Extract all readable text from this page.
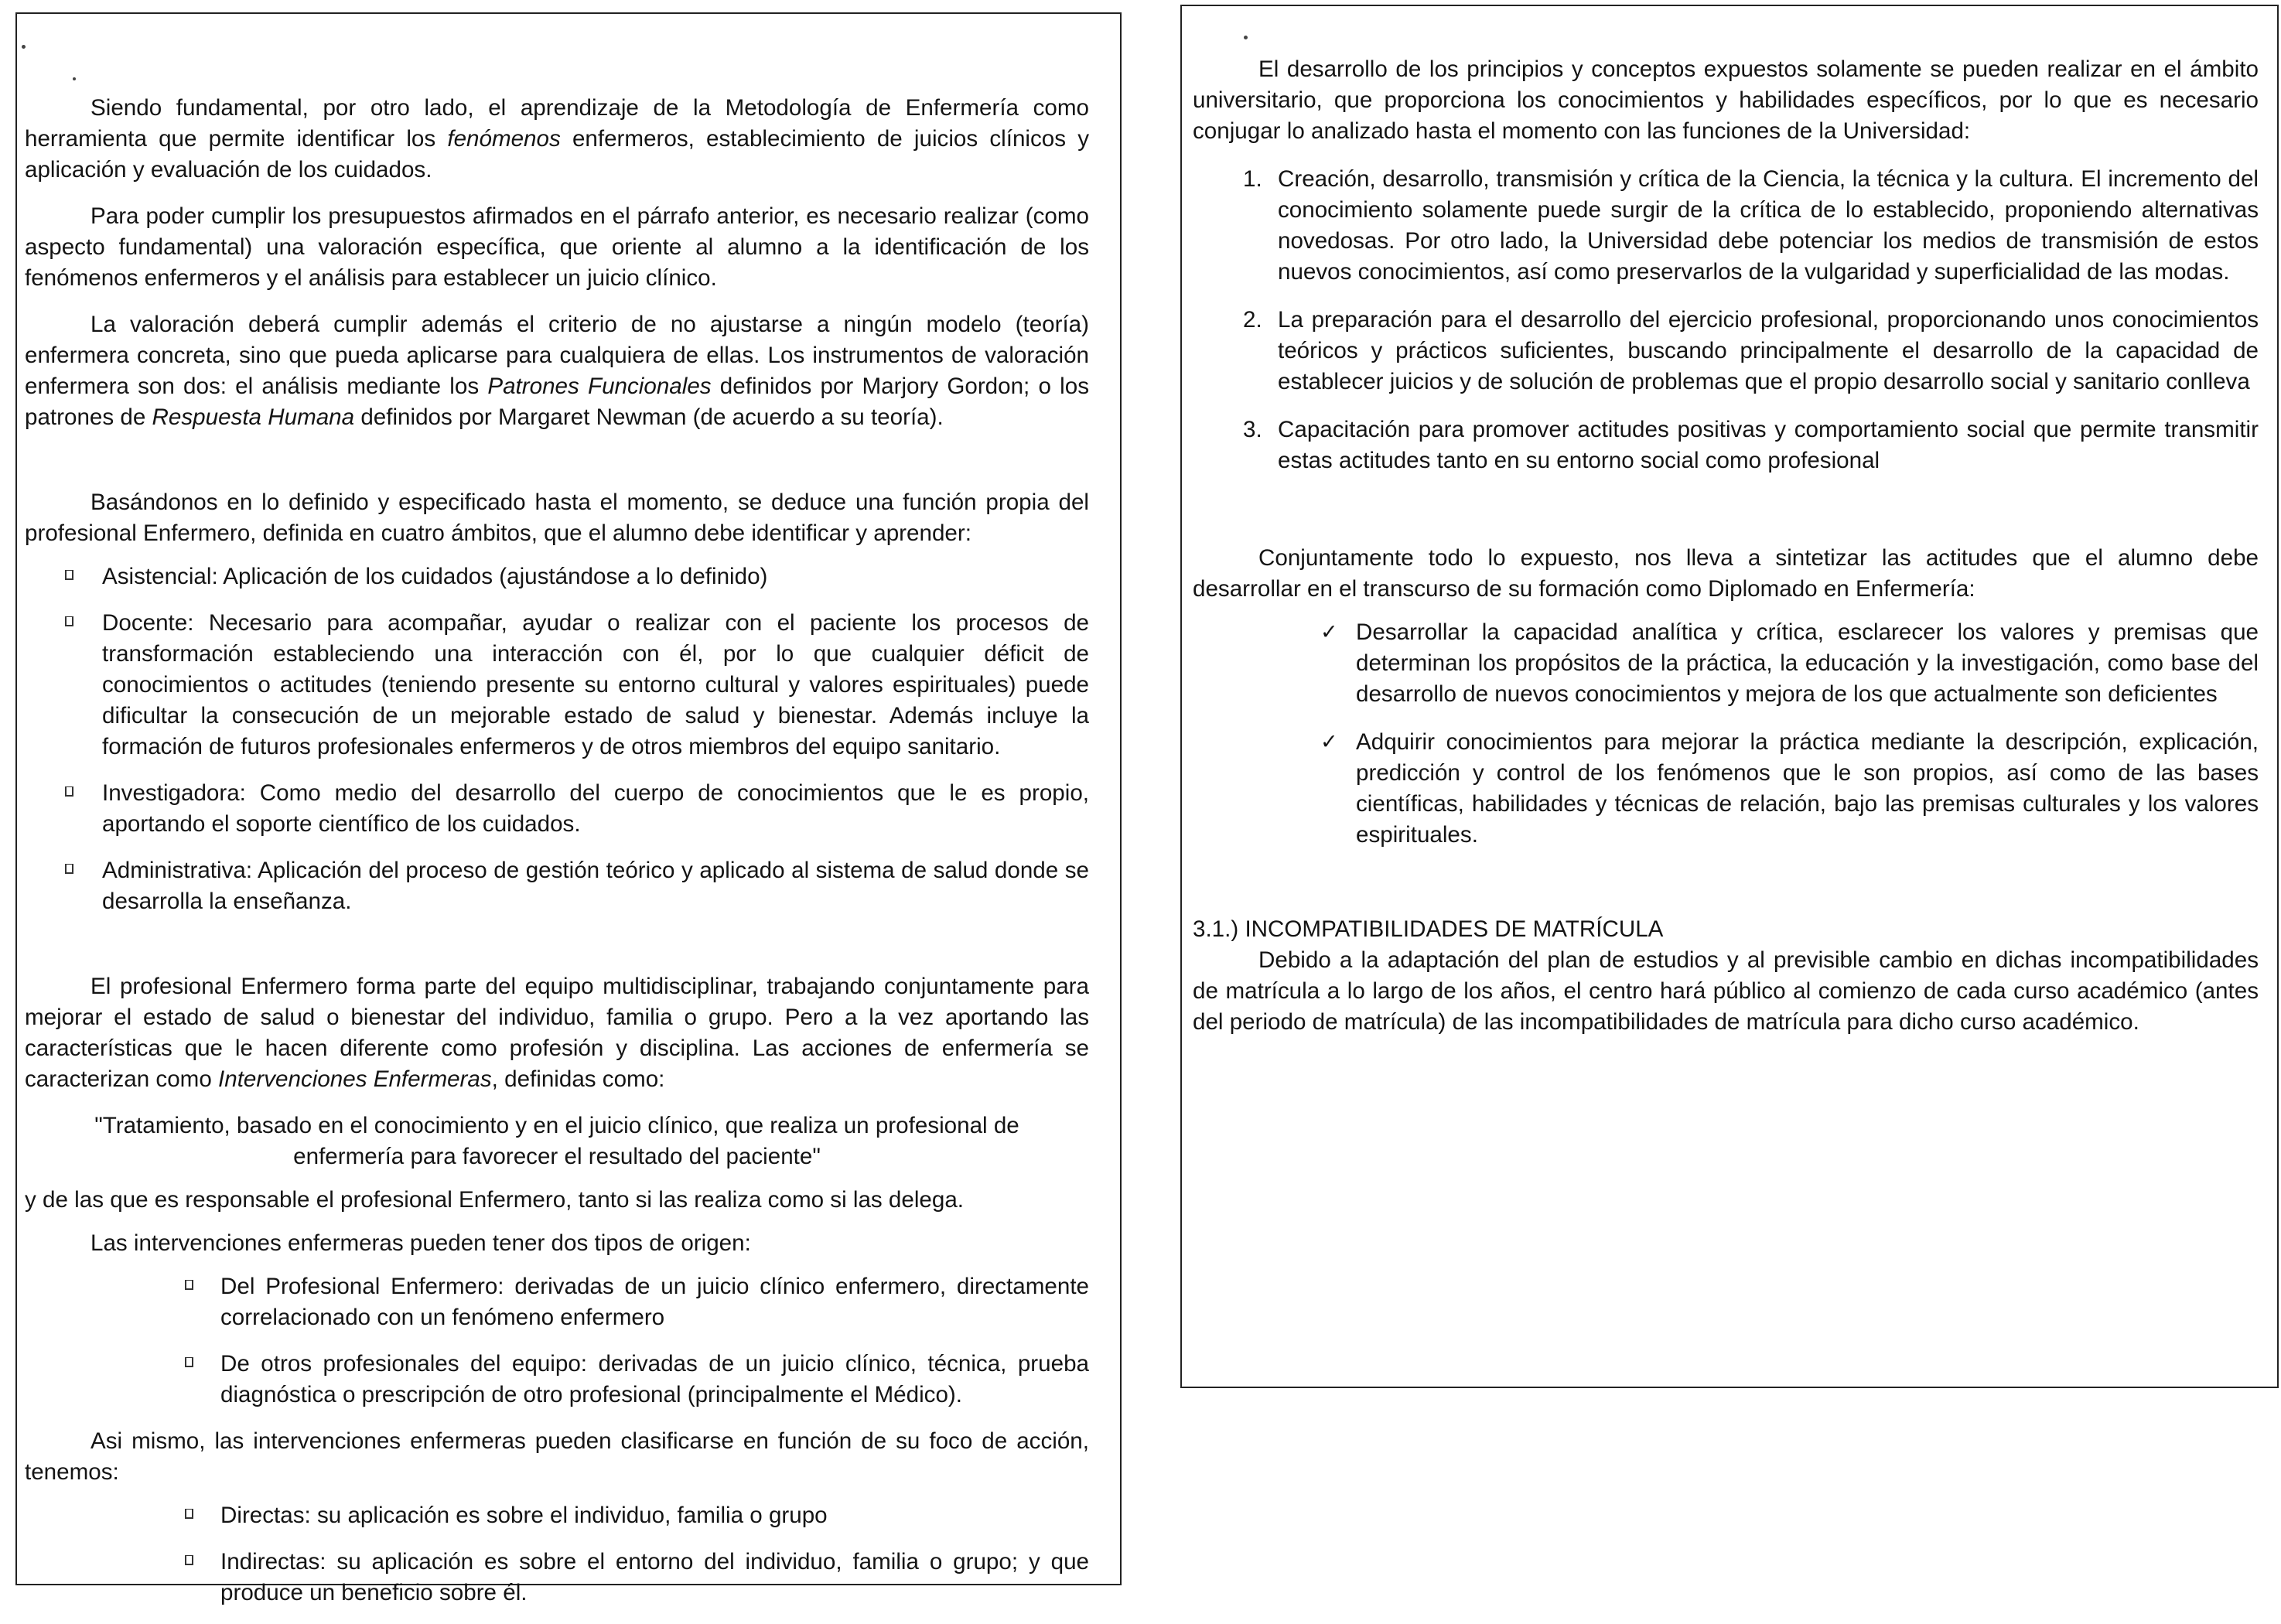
Siendo fundamental, por otro lado, el aprendizaje de la Metodología de Enfermería como herramienta que permite identificar los fenómenos enfermeros, establecimiento de juicios clínicos y aplicación y evaluación de los cuidados.

Para poder cumplir los presupuestos afirmados en el párrafo anterior, es necesario realizar (como aspecto fundamental) una valoración específica, que oriente al alumno a la identificación de los fenómenos enfermeros y el análisis para establecer un juicio clínico.

La valoración deberá cumplir además el criterio de no ajustarse a ningún modelo (teoría) enfermera concreta, sino que pueda aplicarse para cualquiera de ellas. Los instrumentos de valoración enfermera son dos: el análisis mediante los Patrones Funcionales definidos por Marjory Gordon; o los patrones de Respuesta Humana definidos por Margaret Newman (de acuerdo a su teoría).

Basándonos en lo definido y especificado hasta el momento, se deduce una función propia del profesional Enfermero, definida en cuatro ámbitos, que el alumno debe identificar y aprender:

Asistencial: Aplicación de los cuidados (ajustándose a lo definido)
Docente: Necesario para acompañar, ayudar o realizar con el paciente los procesos de transformación estableciendo una interacción con él, por lo que cualquier déficit de conocimientos o actitudes (teniendo presente su entorno cultural y valores espirituales) puede dificultar la consecución de un mejorable estado de salud y bienestar. Además incluye la formación de futuros profesionales enfermeros y de otros miembros del equipo sanitario.
Investigadora: Como medio del desarrollo del cuerpo de conocimientos que le es propio, aportando el soporte científico de los cuidados.
Administrativa: Aplicación del proceso de gestión teórico y aplicado al sistema de salud donde se desarrolla la enseñanza.

El profesional Enfermero forma parte del equipo multidisciplinar, trabajando conjuntamente para mejorar el estado de salud o bienestar del individuo, familia o grupo. Pero a la vez aportando las características que le hacen diferente como profesión y disciplina. Las acciones de enfermería se caracterizan como Intervenciones Enfermeras, definidas como:

"Tratamiento, basado en el conocimiento y en el juicio clínico, que realiza un profesional de enfermería para favorecer el resultado del paciente"

y de las que es responsable el profesional Enfermero, tanto si las realiza como si las delega.

Las intervenciones enfermeras pueden tener dos tipos de origen:

Del Profesional Enfermero: derivadas de un juicio clínico enfermero, directamente correlacionado con un fenómeno enfermero
De otros profesionales del equipo: derivadas de un juicio clínico, técnica, prueba diagnóstica o prescripción de otro profesional (principalmente el Médico).

Asi mismo, las intervenciones enfermeras pueden clasificarse en función de su foco de acción, tenemos:

Directas: su aplicación es sobre el individuo, familia o grupo
Indirectas: su aplicación es sobre el entorno del individuo, familia o grupo; y que produce un beneficio sobre él.

El desarrollo de los principios y conceptos expuestos solamente se pueden realizar en el ámbito universitario, que proporciona los conocimientos y habilidades específicos, por lo que es necesario conjugar lo analizado hasta el momento con las funciones de la Universidad:

1. Creación, desarrollo, transmisión y crítica de la Ciencia, la técnica y la cultura. El incremento del conocimiento solamente puede surgir de la crítica de lo establecido, proponiendo alternativas novedosas. Por otro lado, la Universidad debe potenciar los medios de transmisión de estos nuevos conocimientos, así como preservarlos de la vulgaridad y superficialidad de las modas.
2. La preparación para el desarrollo del ejercicio profesional, proporcionando unos conocimientos teóricos y prácticos suficientes, buscando principalmente el desarrollo de la capacidad de establecer juicios y de solución de problemas que el propio desarrollo social y sanitario conlleva
3. Capacitación para promover actitudes positivas y comportamiento social que permite transmitir estas actitudes tanto en su entorno social como profesional

Conjuntamente todo lo expuesto, nos lleva a sintetizar las actitudes que el alumno debe desarrollar en el transcurso de su formación como Diplomado en Enfermería:

✓ Desarrollar la capacidad analítica y crítica, esclarecer los valores y premisas que determinan los propósitos de la práctica, la educación y la investigación, como base del desarrollo de nuevos conocimientos y mejora de los que actualmente son deficientes
✓ Adquirir conocimientos para mejorar la práctica mediante la descripción, explicación, predicción y control de los fenómenos que le son propios, así como de las bases científicas, habilidades y técnicas de relación, bajo las premisas culturales y los valores espirituales.

3.1.) INCOMPATIBILIDADES DE MATRÍCULA

Debido a la adaptación del plan de estudios y al previsible cambio en dichas incompatibilidades de matrícula a lo largo de los años, el centro hará público al comienzo de cada curso académico (antes del periodo de matrícula) de las incompatibilidades de matrícula para dicho curso académico.
